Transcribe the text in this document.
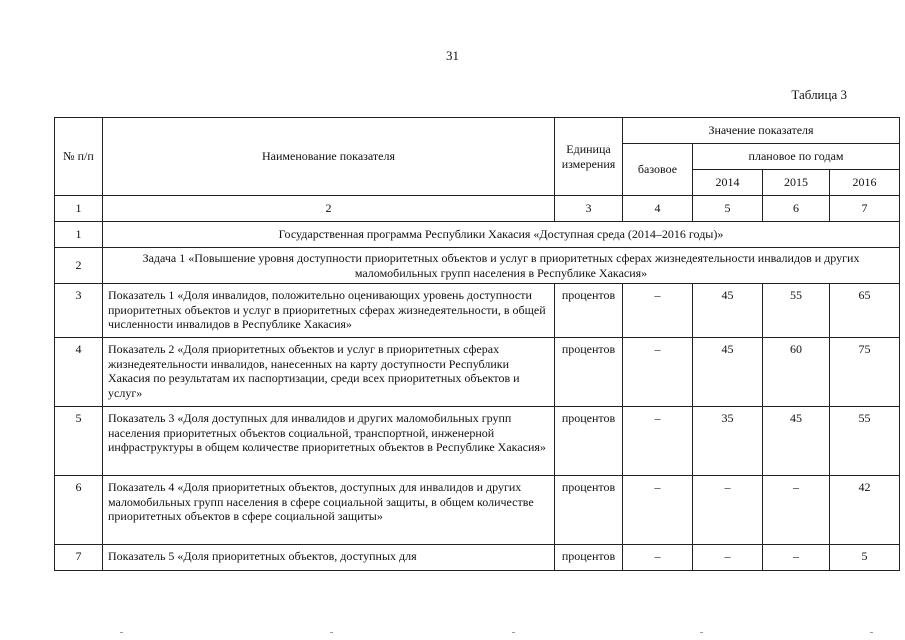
31
Таблица 3
№ п/п	Наименование показателя	Единица измерения	Значение показателя			
			базовое	плановое по годам		
				2014	2015	2016
1	2	3	4	5	6	7
1	Государственная программа Республики Хакасия «Доступная среда (2014–2016 годы)»					
2	Задача 1 «Повышение уровня доступности приоритетных объектов и услуг в приоритетных сферах жизнедеятельности инвалидов и других маломобильных групп населения в Республике Хакасия»					
3	Показатель 1 «Доля инвалидов, положительно оценивающих уровень доступности приоритетных объектов и услуг в приоритетных сферах жизнедеятельности, в общей численности инвалидов в Республике Хакасия»	процентов	–	45	55	65
4	Показатель 2 «Доля приоритетных объектов и услуг в приоритетных сферах жизнедеятельности инвалидов, нанесенных на карту доступности Республики Хакасия по результатам их паспортизации, среди всех приоритетных объектов и услуг»	процентов	–	45	60	75
5	Показатель 3 «Доля доступных для инвалидов и других маломобильных групп населения приоритетных объектов социальной, транспортной, инженерной инфраструктуры в общем количестве приоритетных объектов в Республике Хакасия»	процентов	–	35	45	55
6	Показатель 4 «Доля приоритетных объектов, доступных для инвалидов и других маломобильных групп населения в сфере социальной защиты, в общем количестве приоритетных объектов в сфере социальной защиты»	процентов	–	–	–	42
7	Показатель 5 «Доля приоритетных объектов, доступных для	процентов	–	–	–	5
